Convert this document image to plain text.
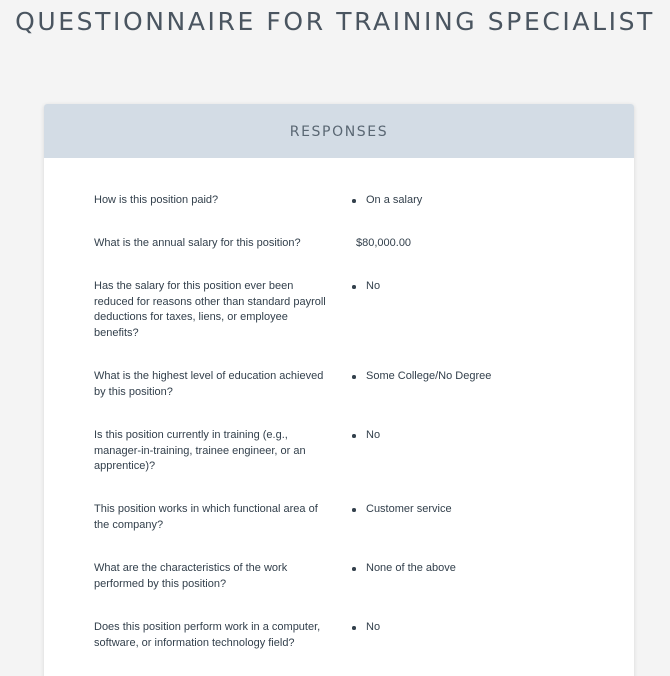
QUESTIONNAIRE FOR TRAINING SPECIALIST
RESPONSES
How is this position paid?	On a salary
What is the annual salary for this position?	$80,000.00
Has the salary for this position ever been reduced for reasons other than standard payroll deductions for taxes, liens, or employee benefits?
No
What is the highest level of education achieved by this position?
Some College/No Degree
Is this position currently in training (e.g., manager-in-training, trainee engineer, or an apprentice)?
No
This position works in which functional area of the company?
Customer service
What are the characteristics of the work performed by this position?
None of the above
Does this position perform work in a computer, software, or information technology field?
No
